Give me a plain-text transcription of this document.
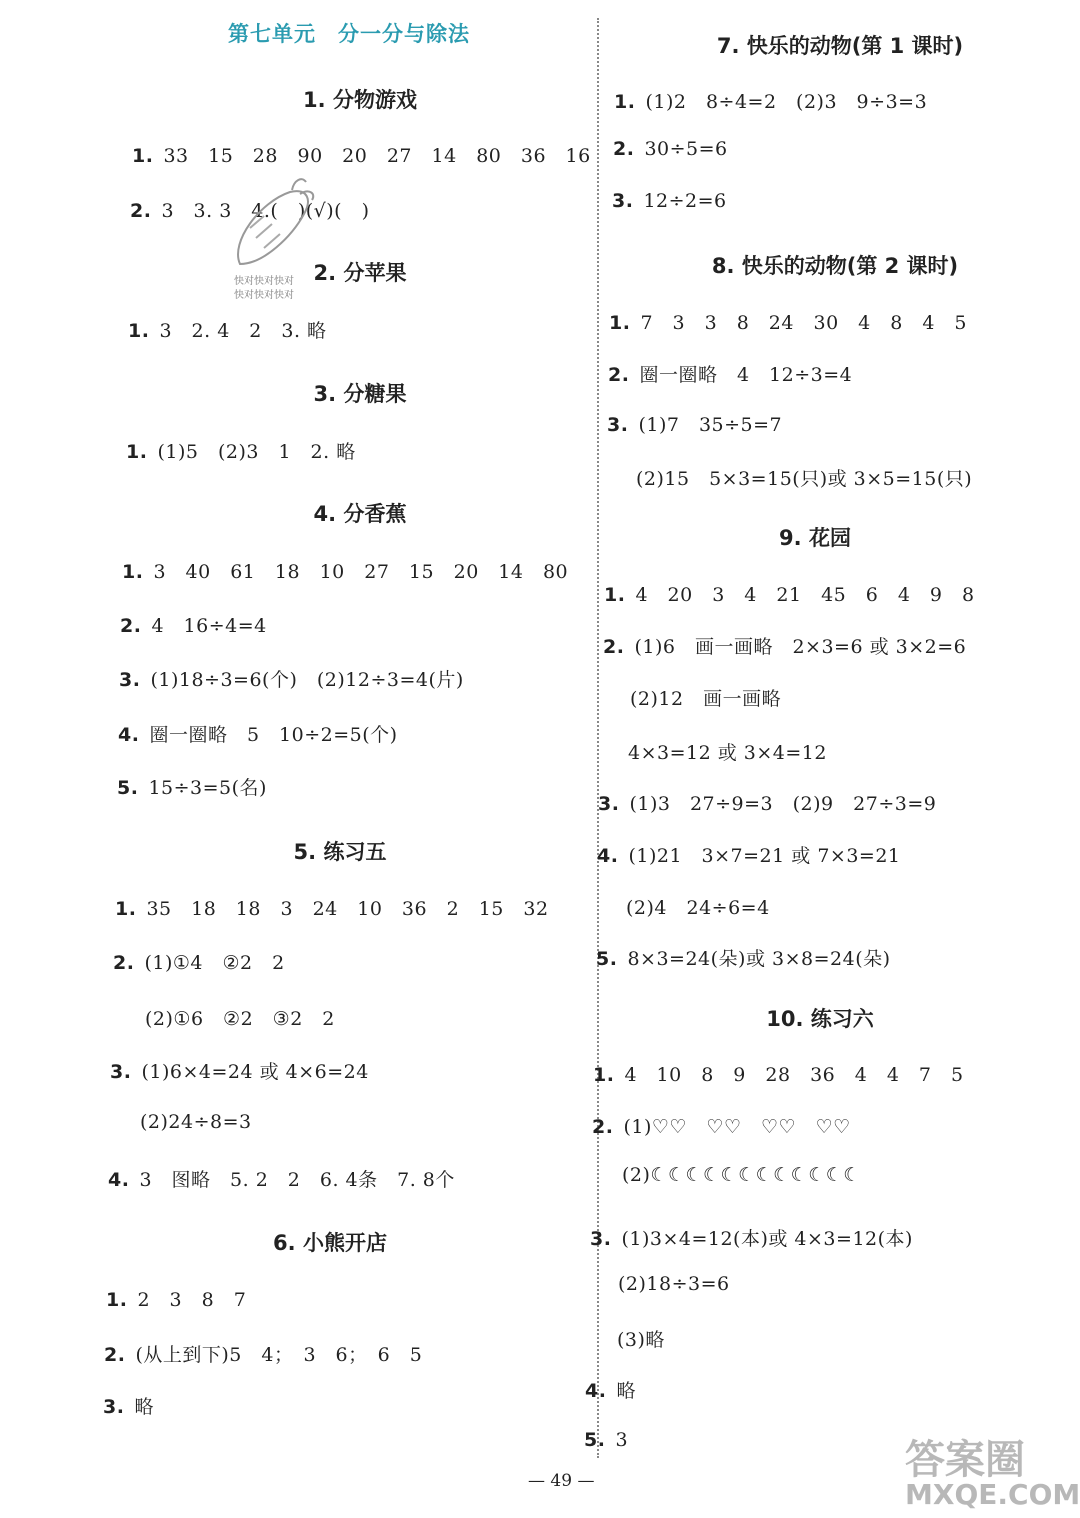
第七单元　分一分与除法
1. 分物游戏
1. 33　15　28　90　20　27　14　80　36　16
2. 3　3. 3　4.(　)(√)(　)
2. 分苹果
1. 3　2. 4　2　3. 略
3. 分糖果
1. (1)5　(2)3　1　2. 略
4. 分香蕉
1. 3　40　61　18　10　27　15　20　14　80
2. 4　16÷4=4
3. (1)18÷3=6(个)　(2)12÷3=4(片)
4. 圈一圈略　5　10÷2=5(个)
5. 15÷3=5(名)
5. 练习五
1. 35　18　18　3　24　10　36　2　15　32
2. (1)①4　②2　2
(2)①6　②2　③2　2
3. (1)6×4=24 或 4×6=24
(2)24÷8=3
4. 3　图略　5. 2　2　6. 4条　7. 8个
6. 小熊开店
1. 2　3　8　7
2. (从上到下)5　4；　3　6；　6　5
3. 略
7. 快乐的动物(第 1 课时)
1. (1)2　8÷4=2　(2)3　9÷3=3
2. 30÷5=6
3. 12÷2=6
8. 快乐的动物(第 2 课时)
1. 7　3　3　8　24　30　4　8　4　5
2. 圈一圈略　4　12÷3=4
3. (1)7　35÷5=7
(2)15　5×3=15(只)或 3×5=15(只)
9. 花园
1. 4　20　3　4　21　45　6　4　9　8
2. (1)6　画一画略　2×3=6 或 3×2=6
(2)12　画一画略
4×3=12 或 3×4=12
3. (1)3　27÷9=3　(2)9　27÷3=9
4. (1)21　3×7=21 或 7×3=21
(2)4　24÷6=4
5. 8×3=24(朵)或 3×8=24(朵)
10. 练习六
1. 4　10　8　9　28　36　4　4　7　5
2. (1)♡♡　♡♡　♡♡　♡♡
(2)☾☾☾☾☾☾☾☾☾☾☾☾
3. (1)3×4=12(本)或 4×3=12(本)
(2)18÷3=6
(3)略
4. 略
5. 3
— 49 —
快对快对快对
快对快对快对
答案圈
MXQE.COM
